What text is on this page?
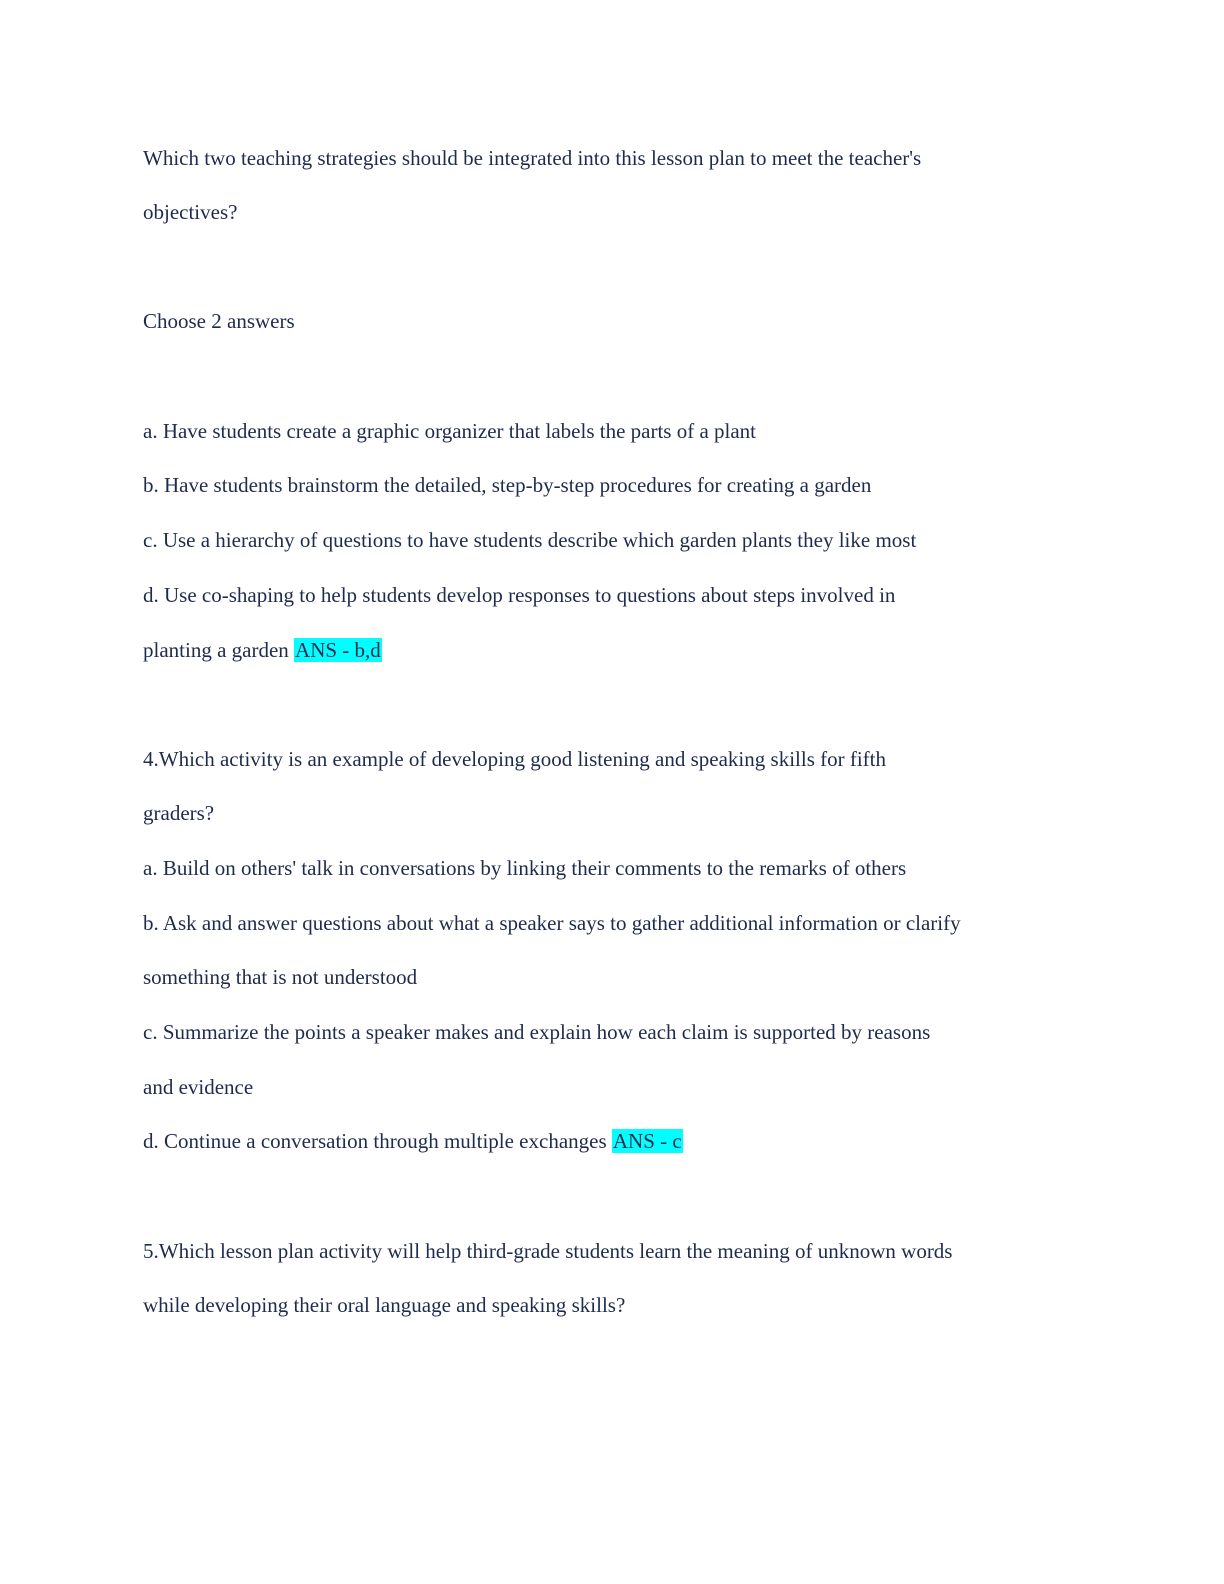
Which two teaching strategies should be integrated into this lesson plan to meet the teacher's
objectives?
Choose 2 answers
a. Have students create a graphic organizer that labels the parts of a plant
b. Have students brainstorm the detailed, step-by-step procedures for creating a garden
c. Use a hierarchy of questions to have students describe which garden plants they like most
d. Use co-shaping to help students develop responses to questions about steps involved in
planting a garden ANS - b,d
4.Which activity is an example of developing good listening and speaking skills for fifth
graders?
a. Build on others' talk in conversations by linking their comments to the remarks of others
b. Ask and answer questions about what a speaker says to gather additional information or clarify
something that is not understood
c. Summarize the points a speaker makes and explain how each claim is supported by reasons
and evidence
d. Continue a conversation through multiple exchanges ANS - c
5.Which lesson plan activity will help third-grade students learn the meaning of unknown words
while developing their oral language and speaking skills?
